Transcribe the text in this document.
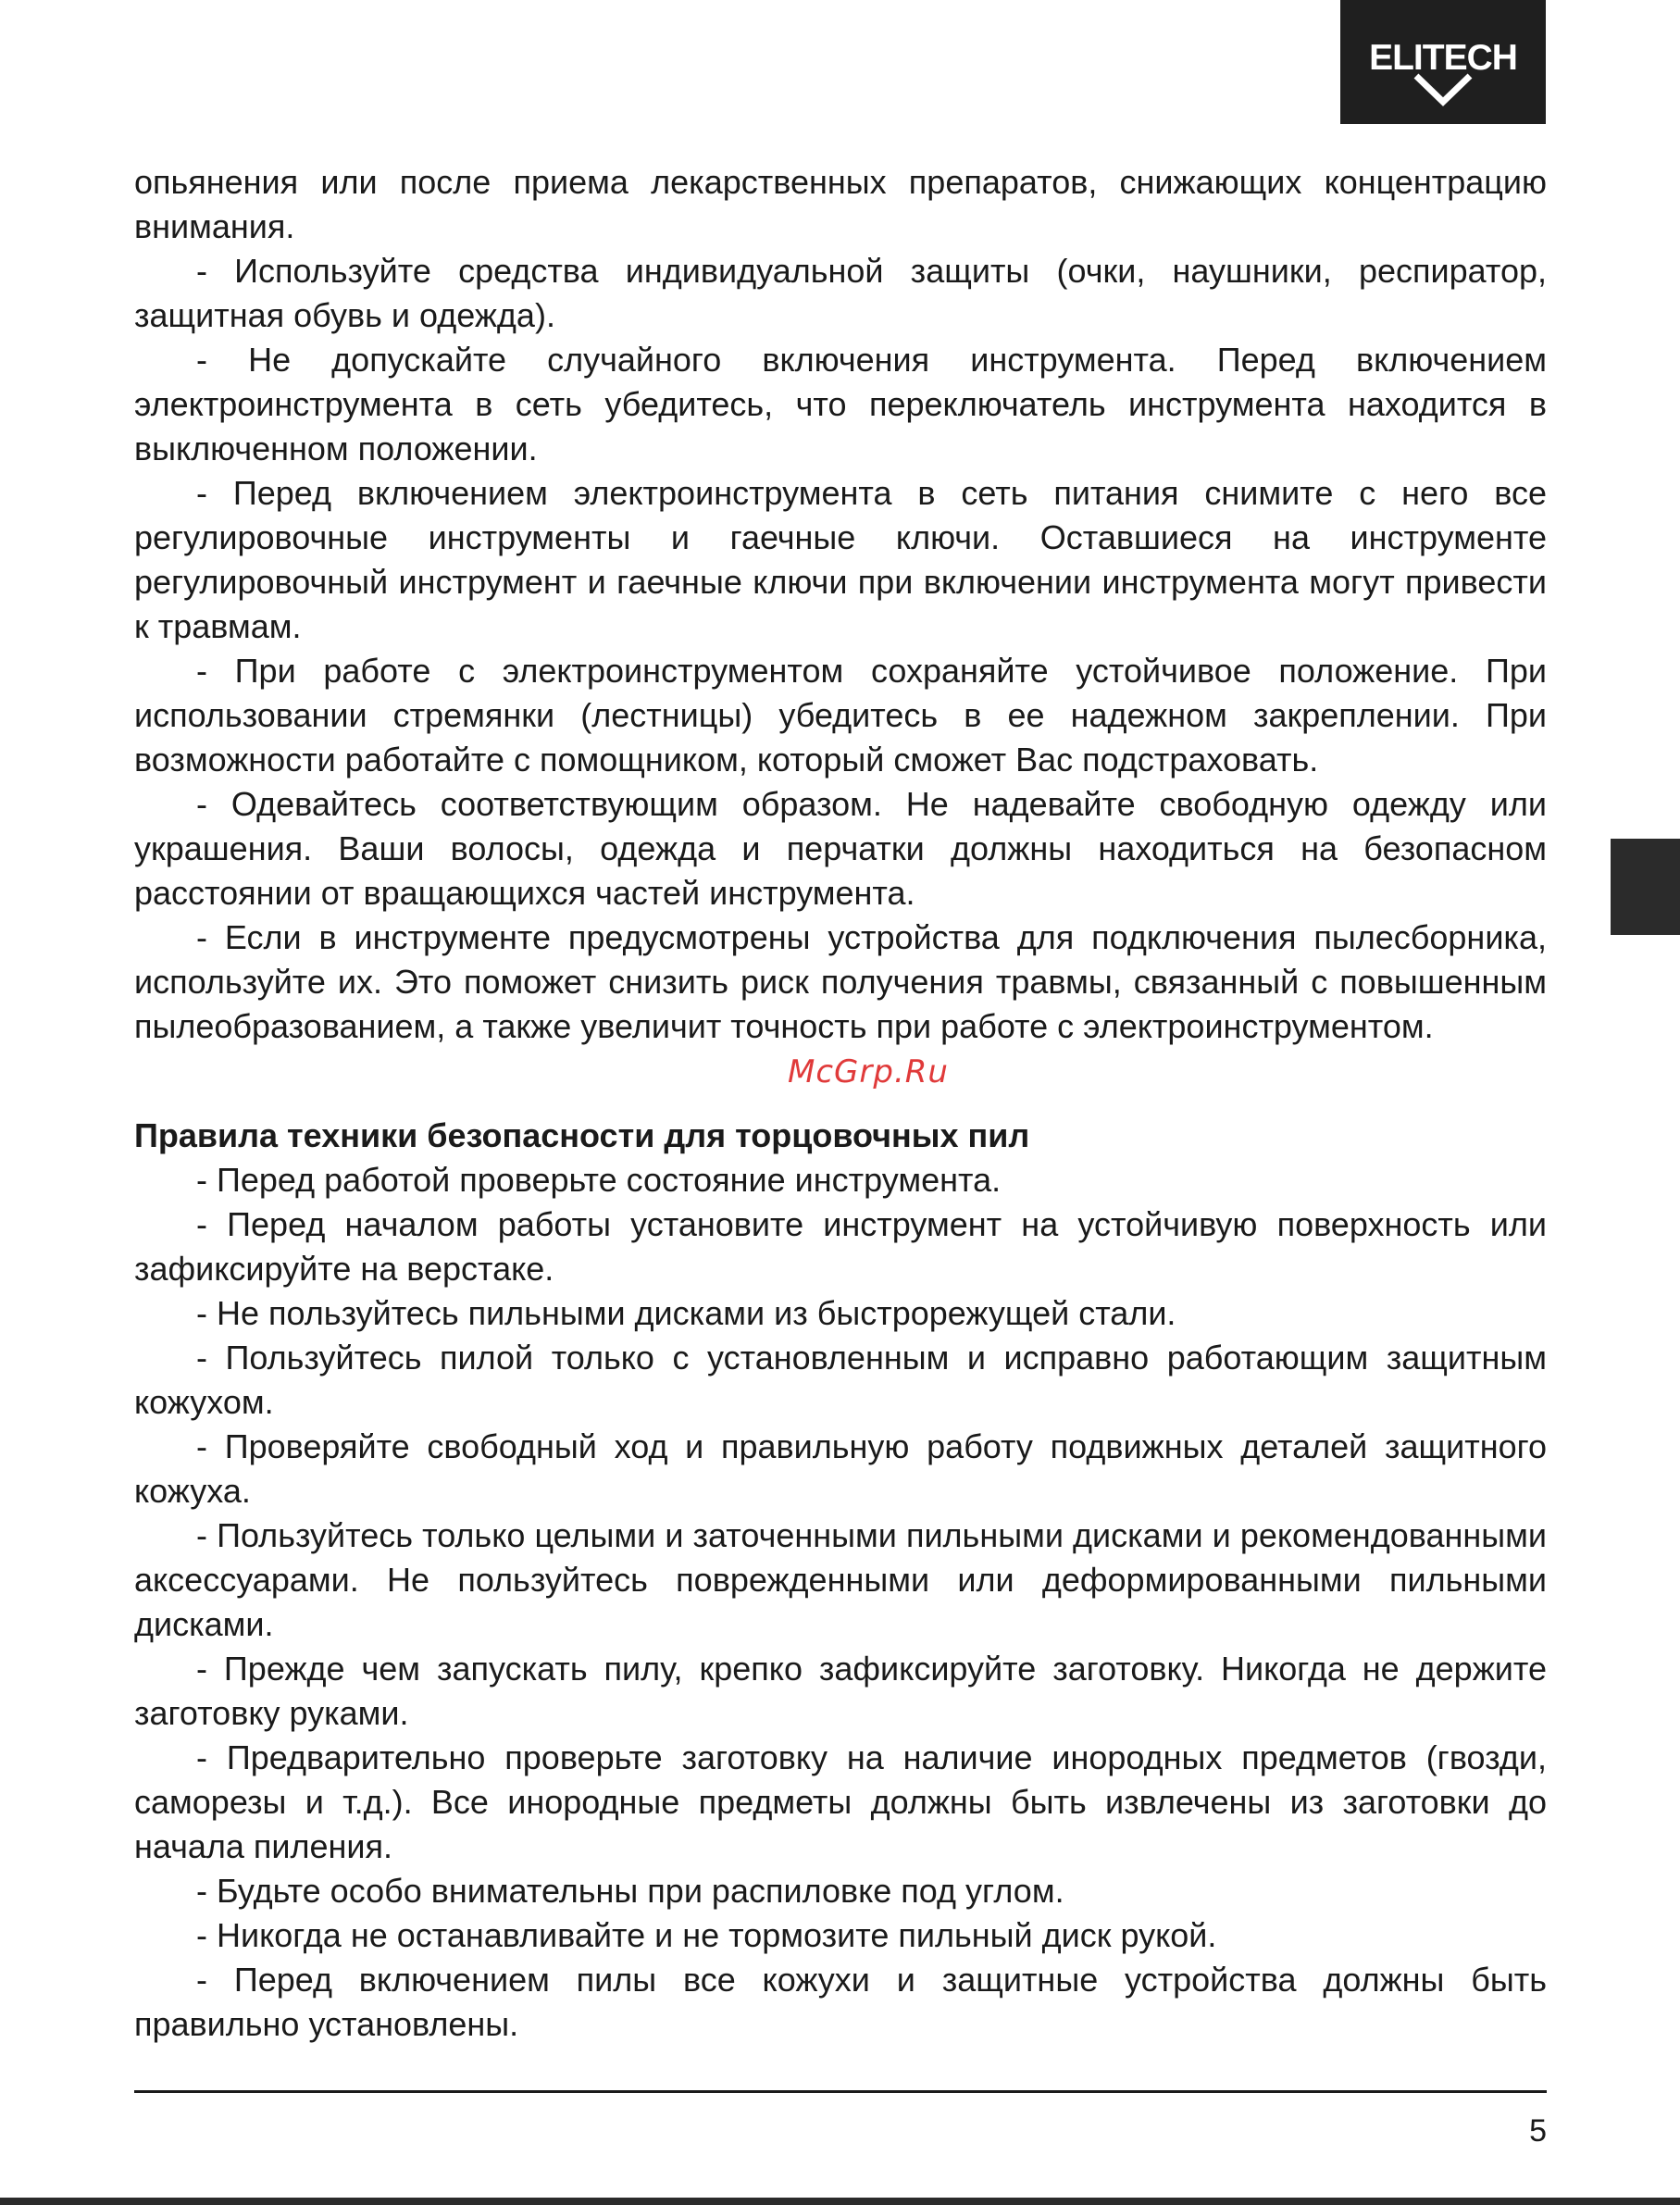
ELITECH

опьянения или после приема лекарственных препаратов, снижающих концентрацию внимания.

- Используйте средства индивидуальной защиты (очки, наушники, респиратор, защитная обувь и одежда).

- Не допускайте случайного включения инструмента. Перед включением электроинструмента в сеть убедитесь, что переключатель инструмента находится в выключенном положении.

- Перед включением электроинструмента в сеть питания снимите с него все регулировочные инструменты и гаечные ключи. Оставшиеся на инструменте регулировочный инструмент и гаечные ключи при включении инструмента могут привести к травмам.

- При работе с электроинструментом сохраняйте устойчивое положение. При использовании стремянки (лестницы) убедитесь в ее надежном закреплении. При возможности работайте с помощником, который сможет Вас подстраховать.

- Одевайтесь соответствующим образом. Не надевайте свободную одежду или украшения. Ваши волосы, одежда и перчатки должны находиться на безопасном расстоянии от вращающихся частей инструмента.

- Если в инструменте предусмотрены устройства для подключения пылесборника, используйте их. Это поможет снизить риск получения травмы, связанный с повышенным пылеобразованием, а также увеличит точность при работе с электроинструментом.

McGrp.Ru

Правила техники безопасности для торцовочных пил

- Перед работой проверьте состояние инструмента.

- Перед началом работы установите инструмент на устойчивую поверхность или зафиксируйте на верстаке.

- Не пользуйтесь пильными дисками из быстрорежущей стали.

- Пользуйтесь пилой только с установленным и исправно работающим защитным кожухом.

- Проверяйте свободный ход и правильную работу подвижных деталей защитного кожуха.

- Пользуйтесь только целыми и заточенными пильными дисками и рекомендованными аксессуарами. Не пользуйтесь поврежденными или деформированными пильными дисками.

- Прежде чем запускать пилу, крепко зафиксируйте заготовку. Никогда не держите заготовку руками.

- Предварительно проверьте заготовку на наличие инородных предметов (гвозди, саморезы и т.д.). Все инородные предметы должны быть извлечены из заготовки до начала пиления.

- Будьте особо внимательны при распиловке под углом.

- Никогда не останавливайте и не тормозите пильный диск рукой.

- Перед включением пилы все кожухи и защитные устройства должны быть правильно установлены.

5
